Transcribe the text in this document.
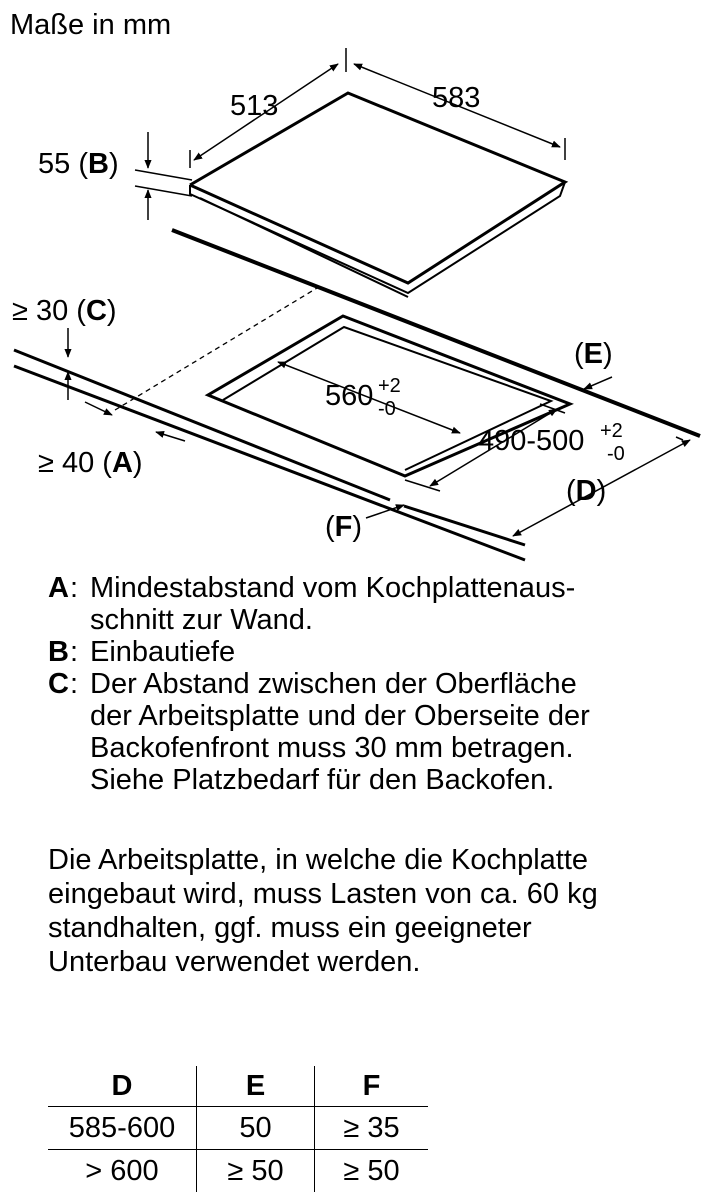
Maße in mm
513	583
55 (B)
560 +2
-0
490-500 +2
-0
(D)
(E)
(F)
≥ 30 (C)
≥ 40 (A)
A : Mindestabstand vom Kochplattenaus-
schnitt zur Wand.
B : Einbautiefe
C : Der Abstand zwischen der Oberfläche
der Arbeitsplatte und der Oberseite der
Backofenfront muss 30 mm betragen.
Siehe Platzbedarf für den Backofen.
Die Arbeitsplatte, in welche die Kochplatte
eingebaut wird, muss Lasten von ca. 60 kg
standhalten, ggf. muss ein geeigneter
Unterbau verwendet werden.
D	E	F
585-600	50	≥ 35
> 600	≥ 50	≥ 50
